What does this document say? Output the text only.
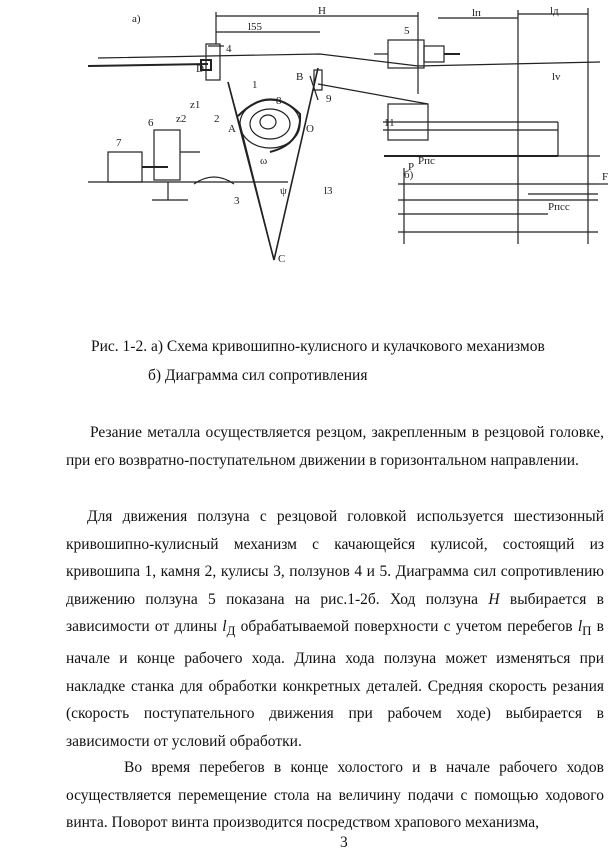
а)
б)
H
l55
lп	lд
5
6
7
1
2
3
4
8	9
11
A
B
C
D
O
P
F
Pпс
Pпсс
z1
z2
ω
ψ	l3
lv
Рис. 1-2. а) Схема кривошипно-кулисного и кулачкового механизмов
б) Диаграмма сил сопротивления
Резание металла осуществляется резцом, закрепленным в резцовой головке, при его возвратно-поступательном движении в горизонтальном направлении.
Для движения ползуна с резцовой головкой используется шестизонный кривошипно-кулисный механизм с качающейся кулисой, состоящий из кривошипа 1, камня 2, кулисы 3, ползунов 4 и 5. Диаграмма сил сопротивлению движению ползуна 5 показана на рис.1-2б. Ход ползуна H выбирается в зависимости от длины $l_Д$ обрабатываемой поверхности с учетом перебегов $l_П$ в начале и конце рабочего хода. Длина хода ползуна может изменяться при накладке станка для обработки конкретных деталей. Средняя скорость резания (скорость поступательного движения при рабочем ходе) выбирается в зависимости от условий обработки.
Во время перебегов в конце холостого и в начале рабочего ходов осуществляется перемещение стола на величину подачи с помощью ходового винта. Поворот винта производится посредством храпового механизма,
3
